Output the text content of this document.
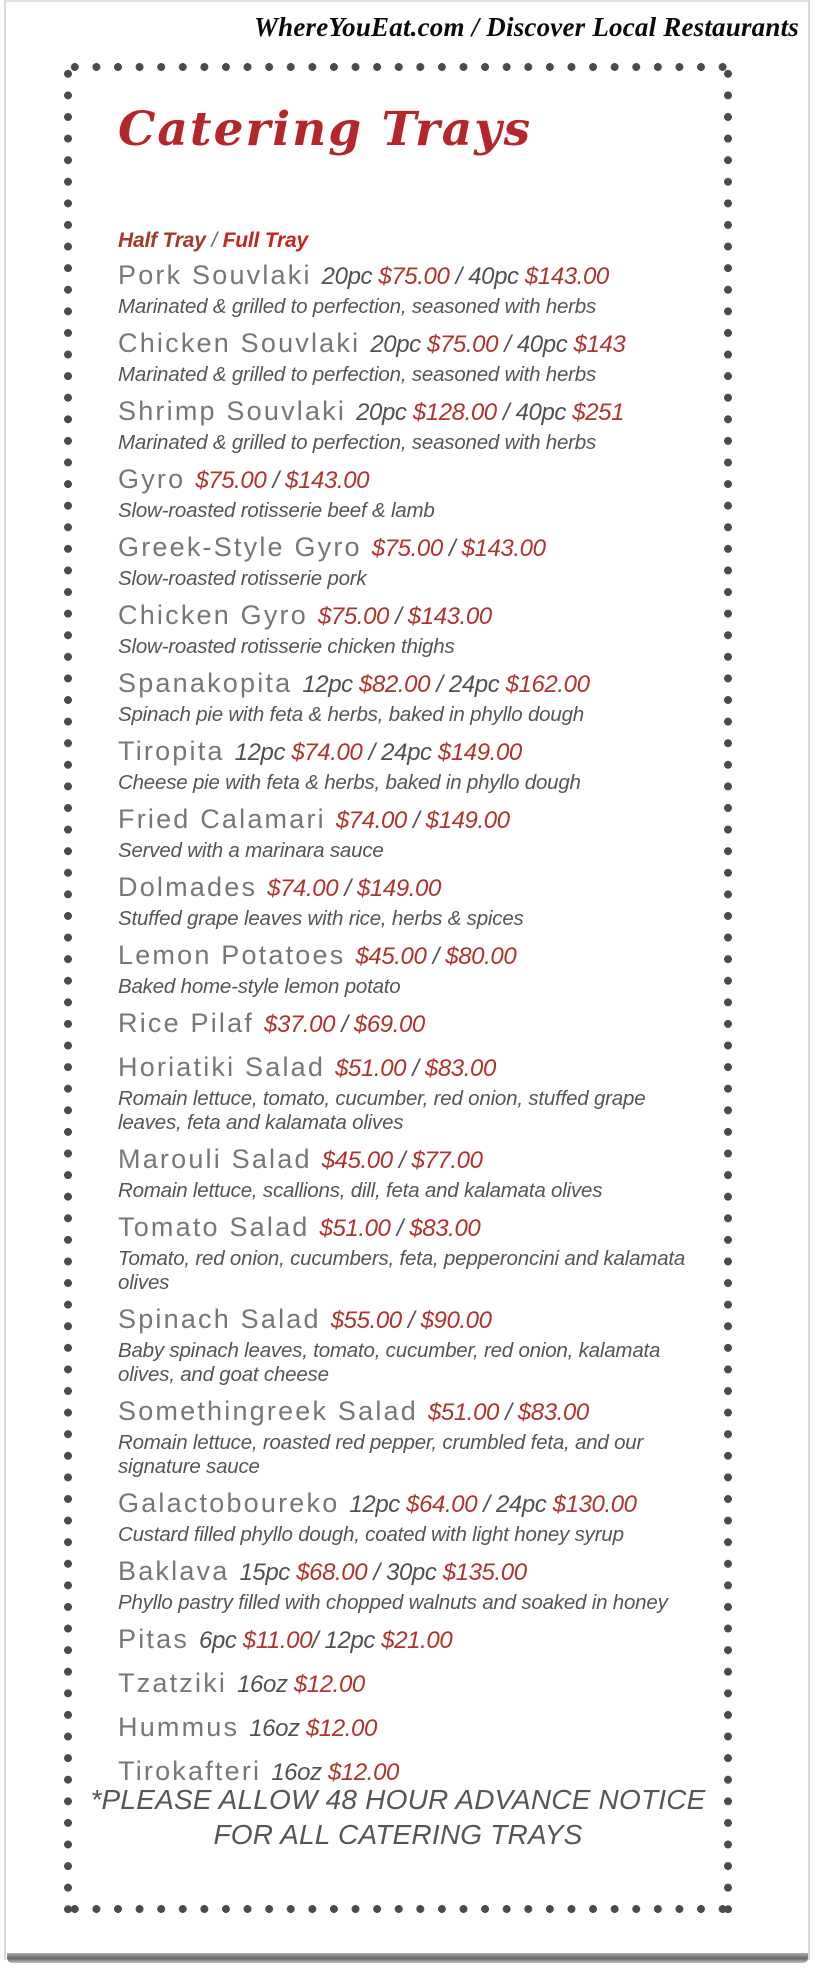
WhereYouEat.com / Discover Local Restaurants
Catering Trays
Half Tray / Full Tray
Pork Souvlaki 20pc $75.00 / 40pc $143.00

Marinated & grilled to perfection, seasoned with herbs

Chicken Souvlaki 20pc $75.00 / 40pc $143

Marinated & grilled to perfection, seasoned with herbs

Shrimp Souvlaki 20pc $128.00 / 40pc $251

Marinated & grilled to perfection, seasoned with herbs

Gyro $75.00 / $143.00

Slow-roasted rotisserie beef & lamb

Greek-Style Gyro $75.00 / $143.00

Slow-roasted rotisserie pork

Chicken Gyro $75.00 / $143.00

Slow-roasted rotisserie chicken thighs

Spanakopita 12pc $82.00 / 24pc $162.00

Spinach pie with feta & herbs, baked in phyllo dough

Tiropita 12pc $74.00 / 24pc $149.00

Cheese pie with feta & herbs, baked in phyllo dough

Fried Calamari $74.00 / $149.00

Served with a marinara sauce

Dolmades $74.00 / $149.00

Stuffed grape leaves with rice, herbs & spices

Lemon Potatoes $45.00 / $80.00

Baked home-style lemon potato

Rice Pilaf $37.00 / $69.00
Horiatiki Salad $51.00 / $83.00

Romain lettuce, tomato, cucumber, red onion, stuffed grape leaves, feta and kalamata olives

Marouli Salad $45.00 / $77.00

Romain lettuce, scallions, dill, feta and kalamata olives

Tomato Salad $51.00 / $83.00

Tomato, red onion, cucumbers, feta, pepperoncini and kalamata olives

Spinach Salad $55.00 / $90.00

Baby spinach leaves, tomato, cucumber, red onion, kalamata olives, and goat cheese

Somethingreek Salad $51.00 / $83.00

Romain lettuce, roasted red pepper, crumbled feta, and our signature sauce

Galactoboureko 12pc $64.00 / 24pc $130.00

Custard filled phyllo dough, coated with light honey syrup

Baklava 15pc $68.00 / 30pc $135.00

Phyllo pastry filled with chopped walnuts and soaked in honey

Pitas 6pc $11.00/ 12pc $21.00
Tzatziki 16oz $12.00
Hummus 16oz $12.00
Tirokafteri 16oz $12.00
*PLEASE ALLOW 48 HOUR ADVANCE NOTICE
FOR ALL CATERING TRAYS
